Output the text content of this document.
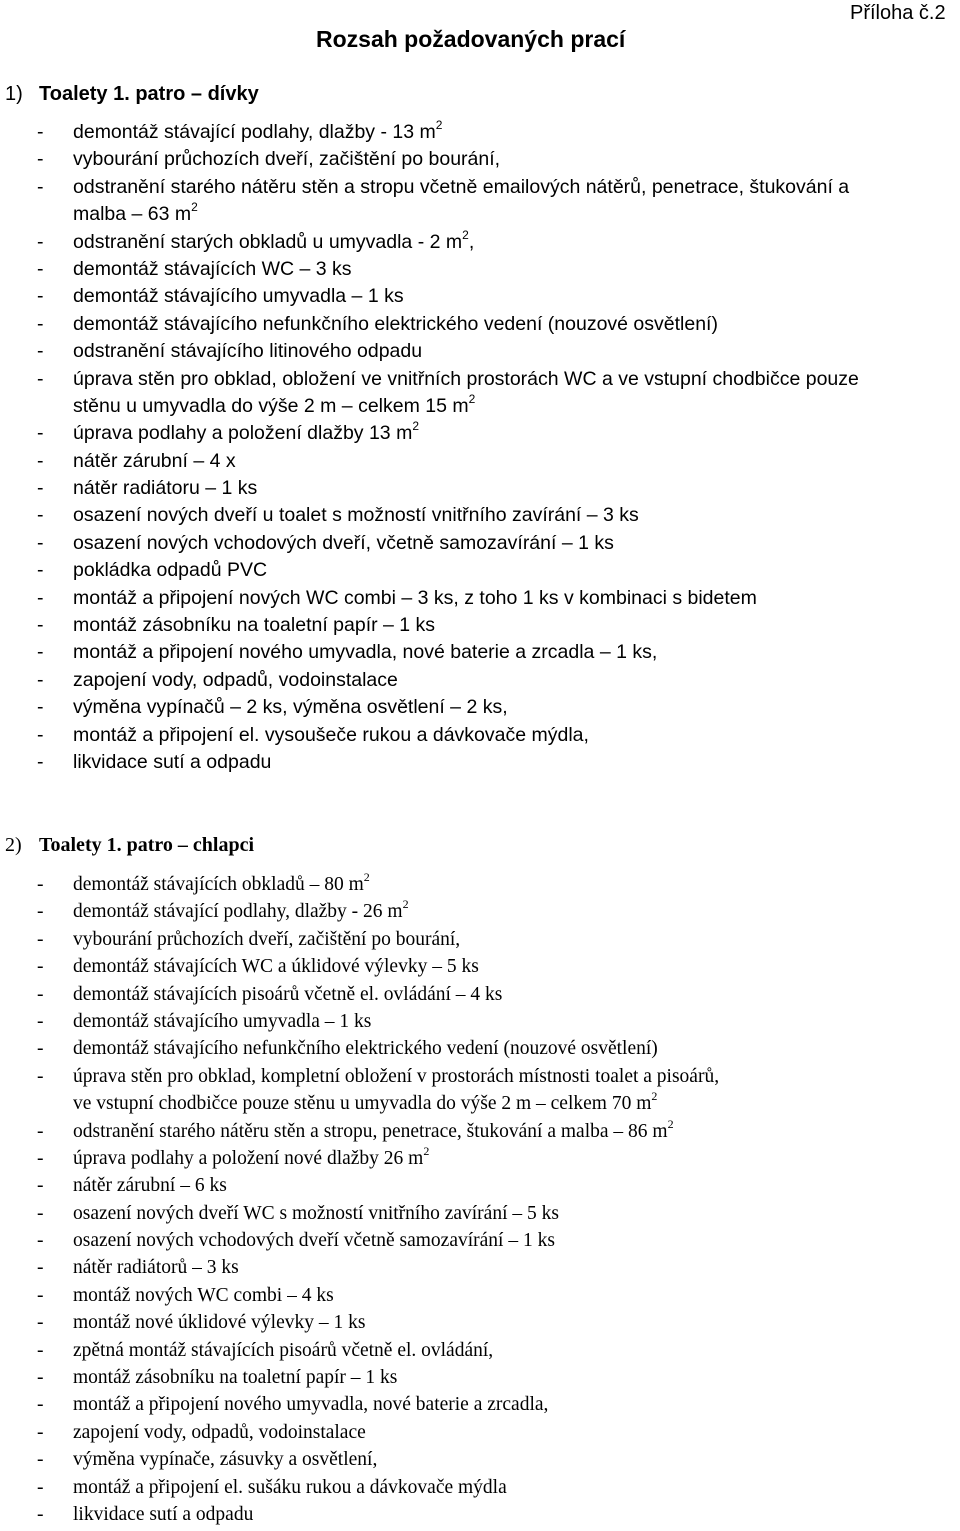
Příloha č.2
Rozsah požadovaných prací
1) Toalety 1. patro – dívky
- demontáž stávající podlahy, dlažby - 13 $m^2$
- vybourání průchozích dveří, začištění po bourání,
- odstranění starého nátěru stěn a stropu včetně emailových nátěrů, penetrace, štukování a
malba – 63 $m^2$
- odstranění starých obkladů u umyvadla - 2 $m^2$,
- demontáž stávajících WC – 3 ks
- demontáž stávajícího umyvadla – 1 ks
- demontáž stávajícího nefunkčního elektrického vedení (nouzové osvětlení)
- odstranění stávajícího litinového odpadu
- úprava stěn pro obklad, obložení ve vnitřních prostorách WC a ve vstupní chodbičce pouze
stěnu u umyvadla do výše 2 m – celkem 15 $m^2$
- úprava podlahy a položení dlažby 13 $m^2$
- nátěr zárubní – 4 x
- nátěr radiátoru – 1 ks
- osazení nových dveří u toalet s možností vnitřního zavírání – 3 ks
- osazení nových vchodových dveří, včetně samozavírání – 1 ks
- pokládka odpadů PVC
- montáž a připojení nových WC combi – 3 ks, z toho 1 ks v kombinaci s bidetem
- montáž zásobníku na toaletní papír – 1 ks
- montáž a připojení nového umyvadla, nové baterie a zrcadla – 1 ks,
- zapojení vody, odpadů, vodoinstalace
- výměna vypínačů – 2 ks, výměna osvětlení – 2 ks,
- montáž a připojení el. vysoušeče rukou a dávkovače mýdla,
- likvidace sutí a odpadu
2) Toalety 1. patro – chlapci
- demontáž stávajících obkladů – 80 $m^2$
- demontáž stávající podlahy, dlažby - 26 $m^2$
- vybourání průchozích dveří, začištění po bourání,
- demontáž stávajících WC a úklidové výlevky – 5 ks
- demontáž stávajících pisoárů včetně el. ovládání – 4 ks
- demontáž stávajícího umyvadla – 1 ks
- demontáž stávajícího nefunkčního elektrického vedení (nouzové osvětlení)
- úprava stěn pro obklad, kompletní obložení v prostorách místnosti toalet a pisoárů,
ve vstupní chodbičce pouze stěnu u umyvadla do výše 2 m – celkem 70 $m^2$
- odstranění starého nátěru stěn a stropu, penetrace, štukování a malba – 86 $m^2$
- úprava podlahy a položení nové dlažby 26 $m^2$
- nátěr zárubní – 6 ks
- osazení nových dveří WC s možností vnitřního zavírání – 5 ks
- osazení nových vchodových dveří včetně samozavírání – 1 ks
- nátěr radiátorů – 3 ks
- montáž nových WC combi – 4 ks
- montáž nové úklidové výlevky – 1 ks
- zpětná montáž stávajících pisoárů včetně el. ovládání,
- montáž zásobníku na toaletní papír – 1 ks
- montáž a připojení nového umyvadla, nové baterie a zrcadla,
- zapojení vody, odpadů, vodoinstalace
- výměna vypínače, zásuvky a osvětlení,
- montáž a připojení el. sušáku rukou a dávkovače mýdla
- likvidace sutí a odpadu
